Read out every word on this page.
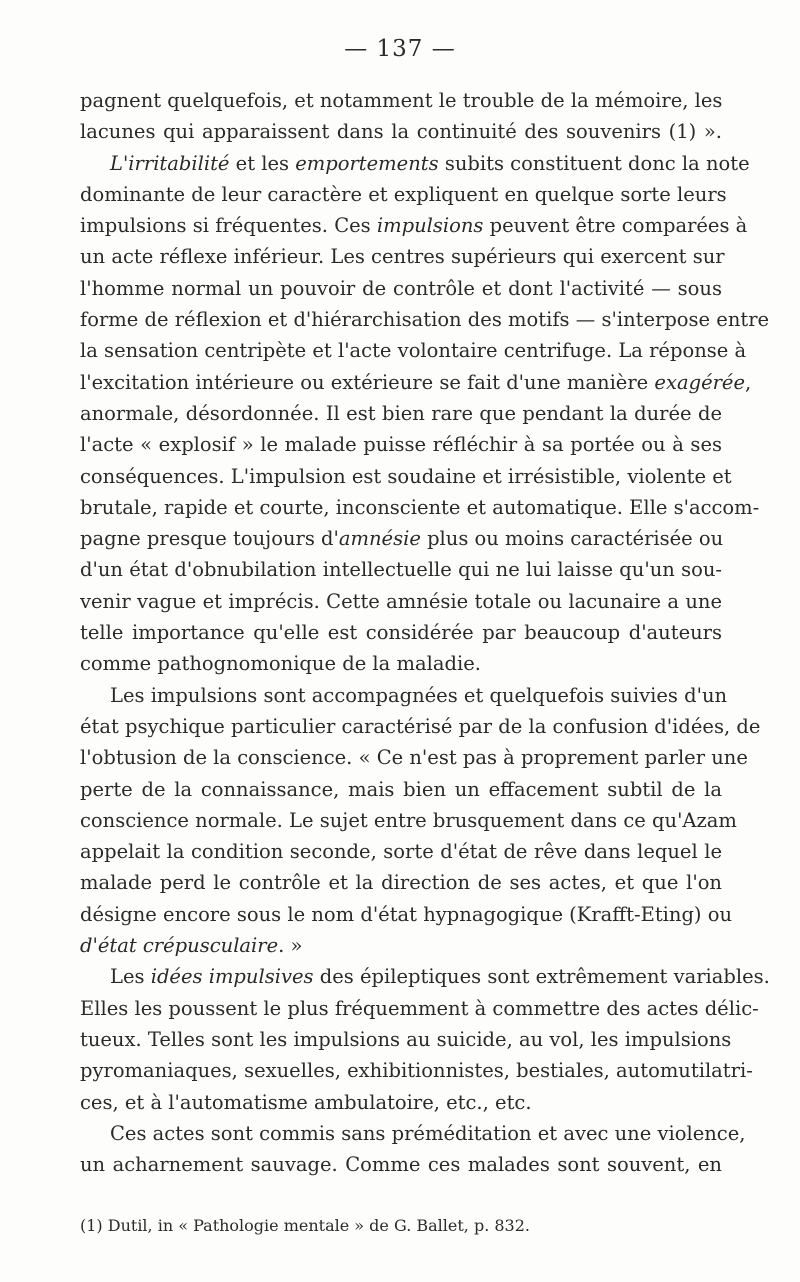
— 137 —
pagnent quelquefois, et notamment le trouble de la mémoire, les
lacunes qui apparaissent dans la continuité des souvenirs (1) ».
L'irritabilité et les emportements subits constituent donc la note
dominante de leur caractère et expliquent en quelque sorte leurs
impulsions si fréquentes. Ces impulsions peuvent être comparées à
un acte réflexe inférieur. Les centres supérieurs qui exercent sur
l'homme normal un pouvoir de contrôle et dont l'activité — sous
forme de réflexion et d'hiérarchisation des motifs — s'interpose entre
la sensation centripète et l'acte volontaire centrifuge. La réponse à
l'excitation intérieure ou extérieure se fait d'une manière exagérée,
anormale, désordonnée. Il est bien rare que pendant la durée de
l'acte « explosif » le malade puisse réfléchir à sa portée ou à ses
conséquences. L'impulsion est soudaine et irrésistible, violente et
brutale, rapide et courte, inconsciente et automatique. Elle s'accom-
pagne presque toujours d'amnésie plus ou moins caractérisée ou
d'un état d'obnubilation intellectuelle qui ne lui laisse qu'un sou-
venir vague et imprécis. Cette amnésie totale ou lacunaire a une
telle importance qu'elle est considérée par beaucoup d'auteurs
comme pathognomonique de la maladie.
Les impulsions sont accompagnées et quelquefois suivies d'un
état psychique particulier caractérisé par de la confusion d'idées, de
l'obtusion de la conscience. « Ce n'est pas à proprement parler une
perte de la connaissance, mais bien un effacement subtil de la
conscience normale. Le sujet entre brusquement dans ce qu'Azam
appelait la condition seconde, sorte d'état de rêve dans lequel le
malade perd le contrôle et la direction de ses actes, et que l'on
désigne encore sous le nom d'état hypnagogique (Krafft-Eting) ou
d'état crépusculaire. »
Les idées impulsives des épileptiques sont extrêmement variables.
Elles les poussent le plus fréquemment à commettre des actes délic-
tueux. Telles sont les impulsions au suicide, au vol, les impulsions
pyromaniaques, sexuelles, exhibitionnistes, bestiales, automutilatri-
ces, et à l'automatisme ambulatoire, etc., etc.
Ces actes sont commis sans préméditation et avec une violence,
un acharnement sauvage. Comme ces malades sont souvent, en
(1) Dutil, in « Pathologie mentale » de G. Ballet, p. 832.
